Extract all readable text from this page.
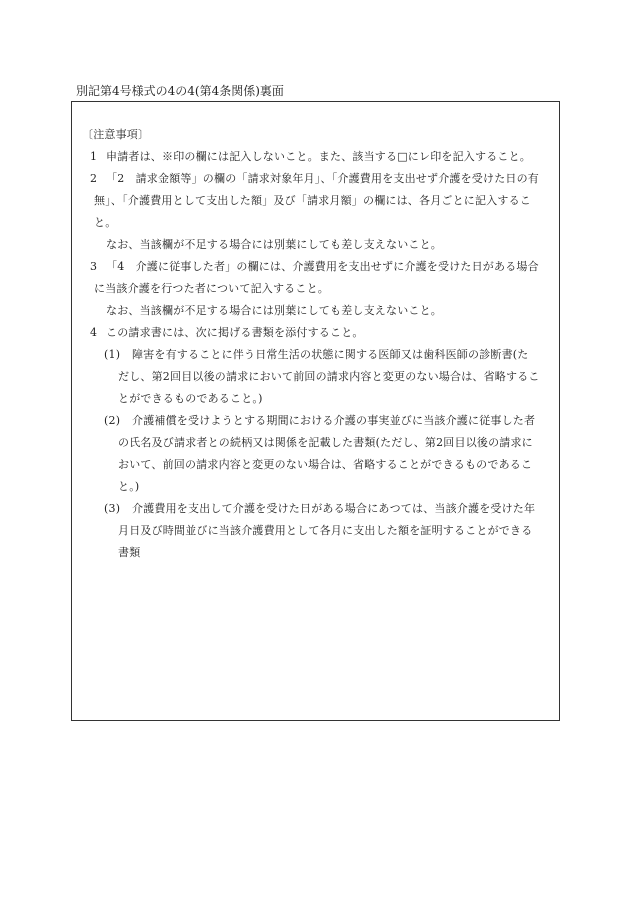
別記第4号様式の4の4(第4条関係)裏面
〔注意事項〕
1 申請者は、※印の欄には記入しないこと。また、該当する□にレ印を記入すること。
2 「2　請求金額等」の欄の「請求対象年月」、「介護費用を支出せず介護を受けた日の有
無」、「介護費用として支出した額」及び「請求月額」の欄には、各月ごとに記入するこ
と。
なお、当該欄が不足する場合には別葉にしても差し支えないこと。
3 「4　介護に従事した者」の欄には、介護費用を支出せずに介護を受けた日がある場合
に当該介護を行つた者について記入すること。
なお、当該欄が不足する場合には別葉にしても差し支えないこと。
4 この請求書には、次に掲げる書類を添付すること。
(1)	障害を有することに伴う日常生活の状態に関する医師又は歯科医師の診断書(た
だし、第2回目以後の請求において前回の請求内容と変更のない場合は、省略するこ
とができるものであること。)
(2)	介護補償を受けようとする期間における介護の事実並びに当該介護に従事した者
の氏名及び請求者との続柄又は関係を記載した書類(ただし、第2回目以後の請求に
おいて、前回の請求内容と変更のない場合は、省略することができるものであるこ
と。)
(3)	介護費用を支出して介護を受けた日がある場合にあつては、当該介護を受けた年
月日及び時間並びに当該介護費用として各月に支出した額を証明することができる
書類
